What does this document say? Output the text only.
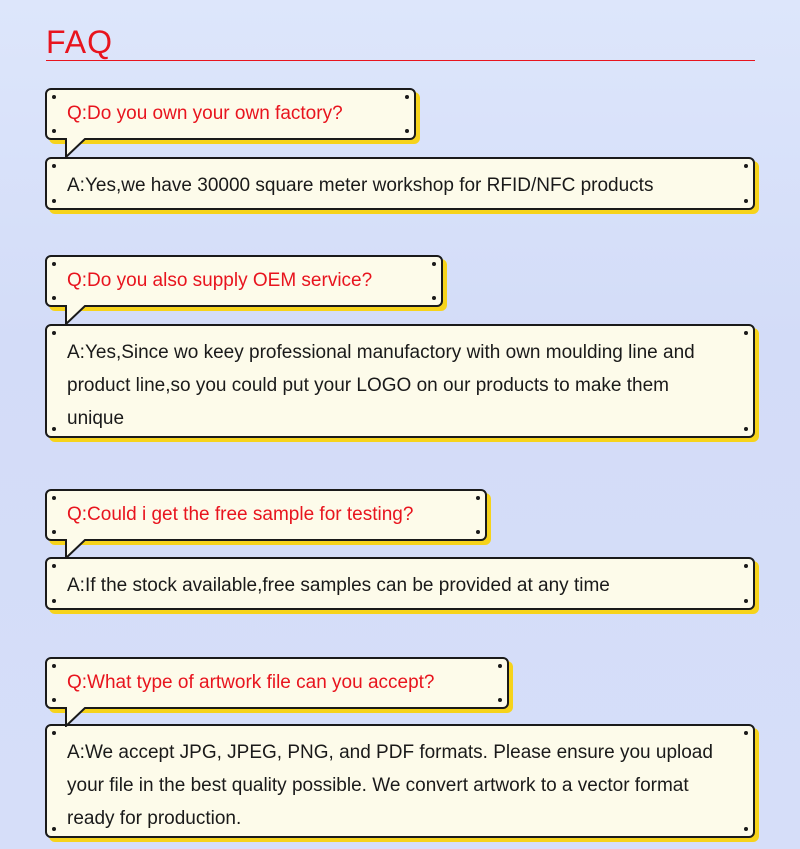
FAQ
Q:Do you own your own factory?
A:Yes,we have 30000 square meter workshop for RFID/NFC products
Q:Do you also supply OEM service?
A:Yes,Since wo keey professional manufactory with own moulding line and product line,so you could put your LOGO on our products to make them unique
Q:Could i get the free sample for testing?
A:If the stock available,free samples can be provided at any time
Q:What type of artwork file can you accept?
A:We accept JPG, JPEG, PNG, and PDF formats. Please ensure you upload your file in the best quality possible. We convert artwork to a vector format ready for production.
